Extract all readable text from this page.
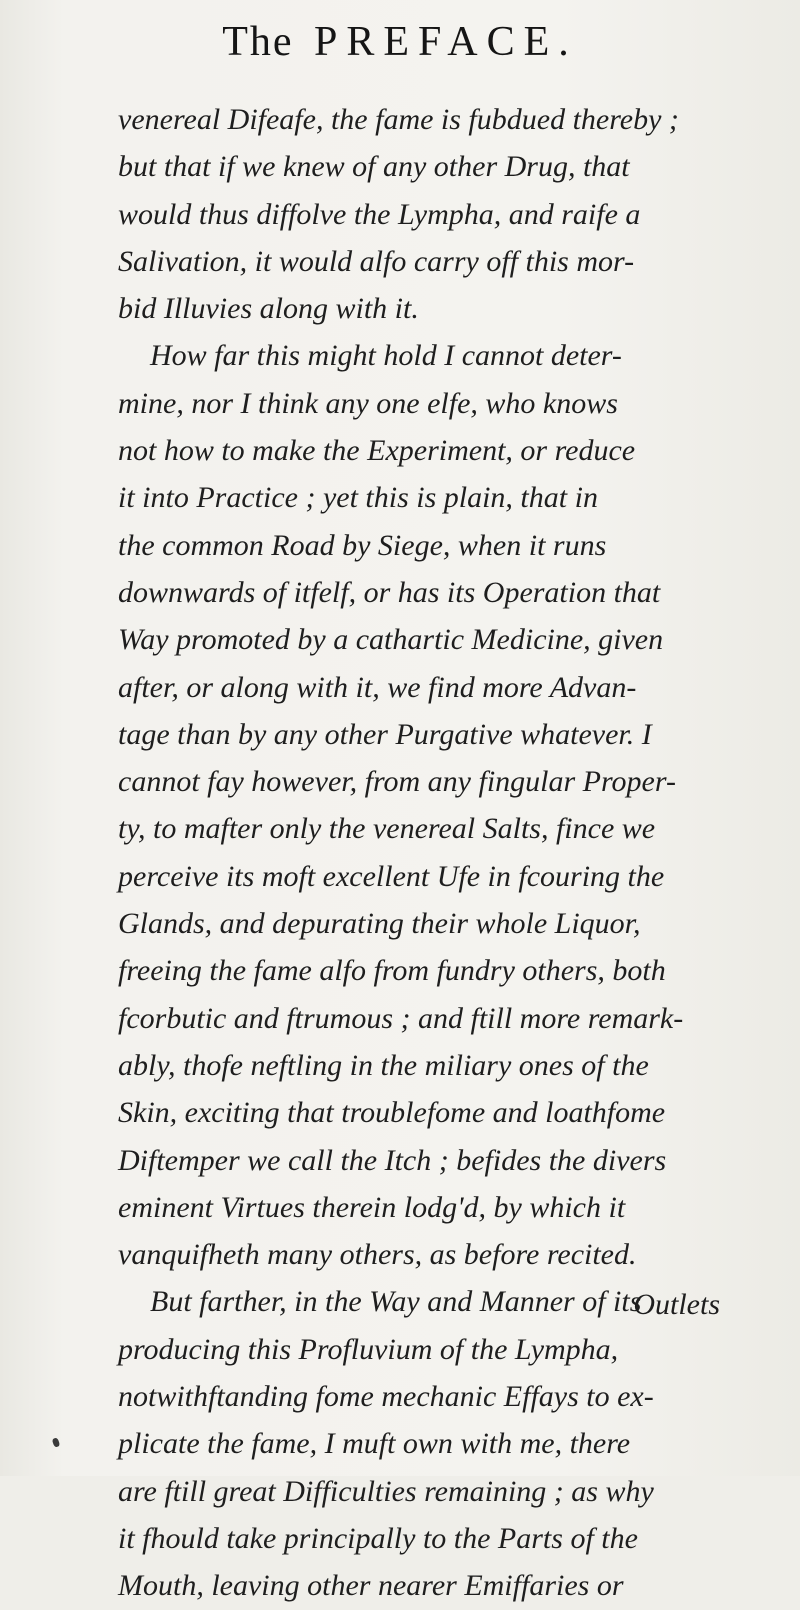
The PREFACE.
venereal Difeafe, the fame is fubdued thereby ;
but that if we knew of any other Drug, that
would thus diffolve the Lympha, and raife a
Salivation, it would alfo carry off this mor-
bid Illuvies along with it.
How far this might hold I cannot deter-
mine, nor I think any one elfe, who knows
not how to make the Experiment, or reduce
it into Practice ; yet this is plain, that in
the common Road by Siege, when it runs
downwards of itfelf, or has its Operation that
Way promoted by a cathartic Medicine, given
after, or along with it, we find more Advan-
tage than by any other Purgative whatever. I
cannot fay however, from any fingular Proper-
ty, to mafter only the venereal Salts, fince we
perceive its moft excellent Ufe in fcouring the
Glands, and depurating their whole Liquor,
freeing the fame alfo from fundry others, both
fcorbutic and ftrumous ; and ftill more remark-
ably, thofe neftling in the miliary ones of the
Skin, exciting that troublefome and loathfome
Diftemper we call the Itch ; befides the divers
eminent Virtues therein lodg'd, by which it
vanquifheth many others, as before recited.
But farther, in the Way and Manner of its
producing this Profluvium of the Lympha,
notwithftanding fome mechanic Effays to ex-
plicate the fame, I muft own with me, there
are ftill great Difficulties remaining ; as why
it fhould take principally to the Parts of the
Mouth, leaving other nearer Emiffaries or
Outlets
